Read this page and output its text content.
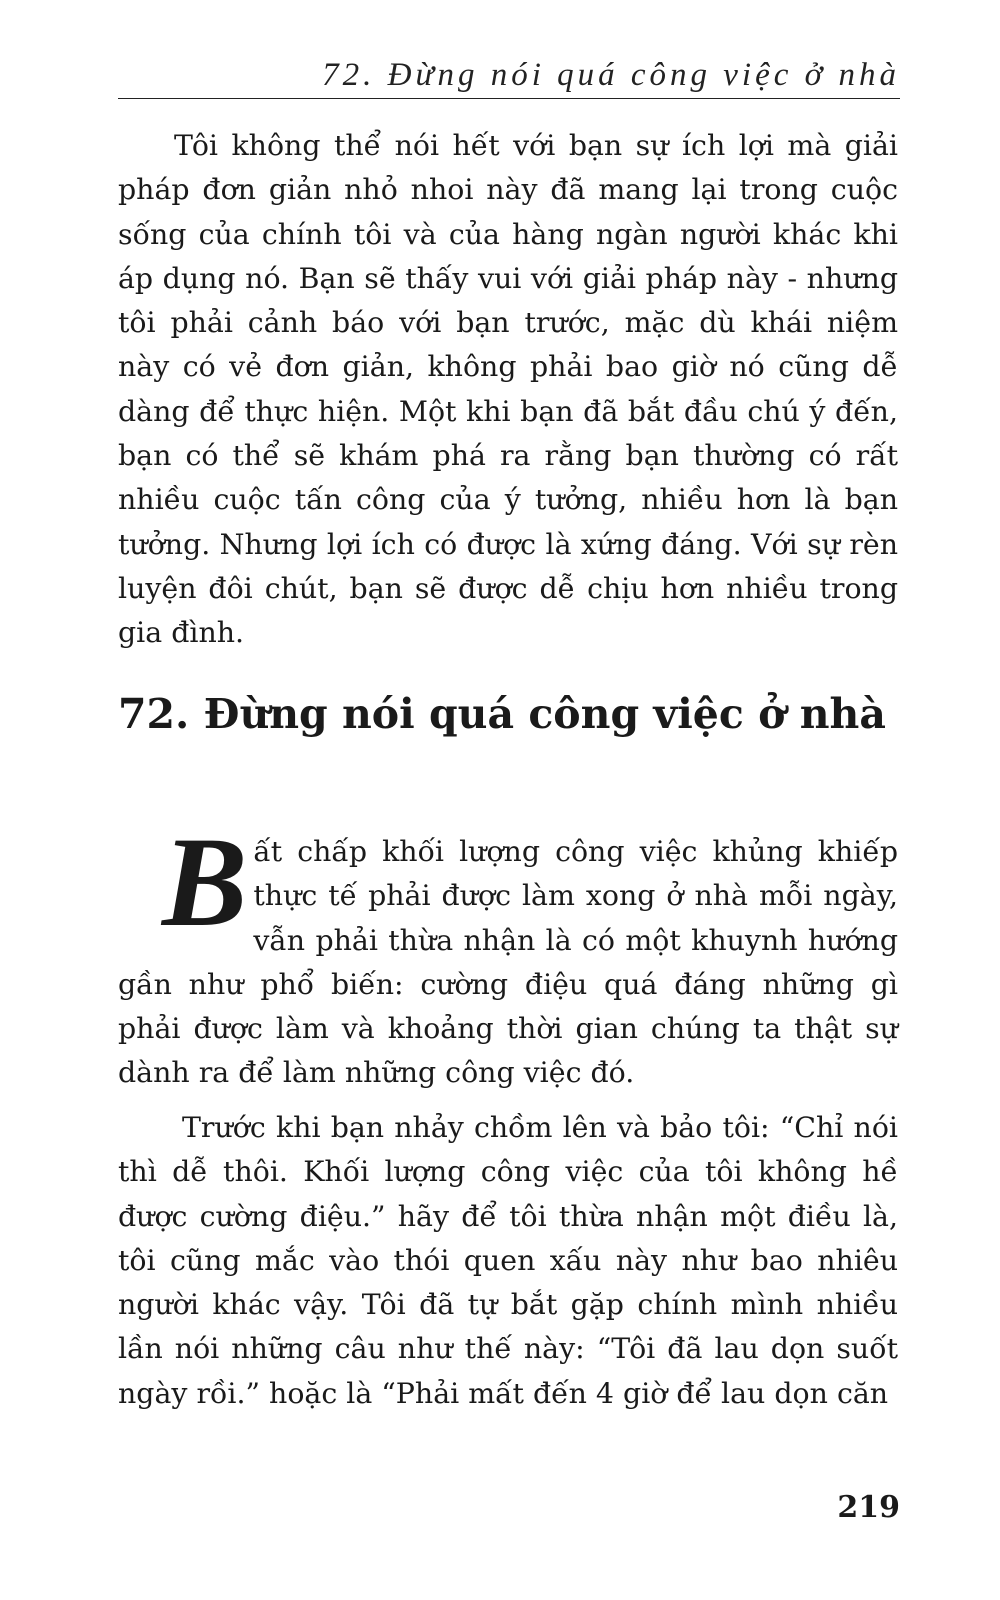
72. Đừng nói quá công việc ở nhà

Tôi không thể nói hết với bạn sự ích lợi mà giải pháp đơn giản nhỏ nhoi này đã mang lại trong cuộc sống của chính tôi và của hàng ngàn người khác khi áp dụng nó. Bạn sẽ thấy vui với giải pháp này - nhưng tôi phải cảnh báo với bạn trước, mặc dù khái niệm này có vẻ đơn giản, không phải bao giờ nó cũng dễ dàng để thực hiện. Một khi bạn đã bắt đầu chú ý đến, bạn có thể sẽ khám phá ra rằng bạn thường có rất nhiều cuộc tấn công của ý tưởng, nhiều hơn là bạn tưởng. Nhưng lợi ích có được là xứng đáng. Với sự rèn luyện đôi chút, bạn sẽ được dễ chịu hơn nhiều trong gia đình.

72. Đừng nói quá công việc ở nhà

Bất chấp khối lượng công việc khủng khiếp thực tế phải được làm xong ở nhà mỗi ngày, vẫn phải thừa nhận là có một khuynh hướng gần như phổ biến: cường điệu quá đáng những gì phải được làm và khoảng thời gian chúng ta thật sự dành ra để làm những công việc đó.

Trước khi bạn nhảy chồm lên và bảo tôi: “Chỉ nói thì dễ thôi. Khối lượng công việc của tôi không hề được cường điệu.” hãy để tôi thừa nhận một điều là, tôi cũng mắc vào thói quen xấu này như bao nhiêu người khác vậy. Tôi đã tự bắt gặp chính mình nhiều lần nói những câu như thế này: “Tôi đã lau dọn suốt ngày rồi.” hoặc là “Phải mất đến 4 giờ để lau dọn căn

219
